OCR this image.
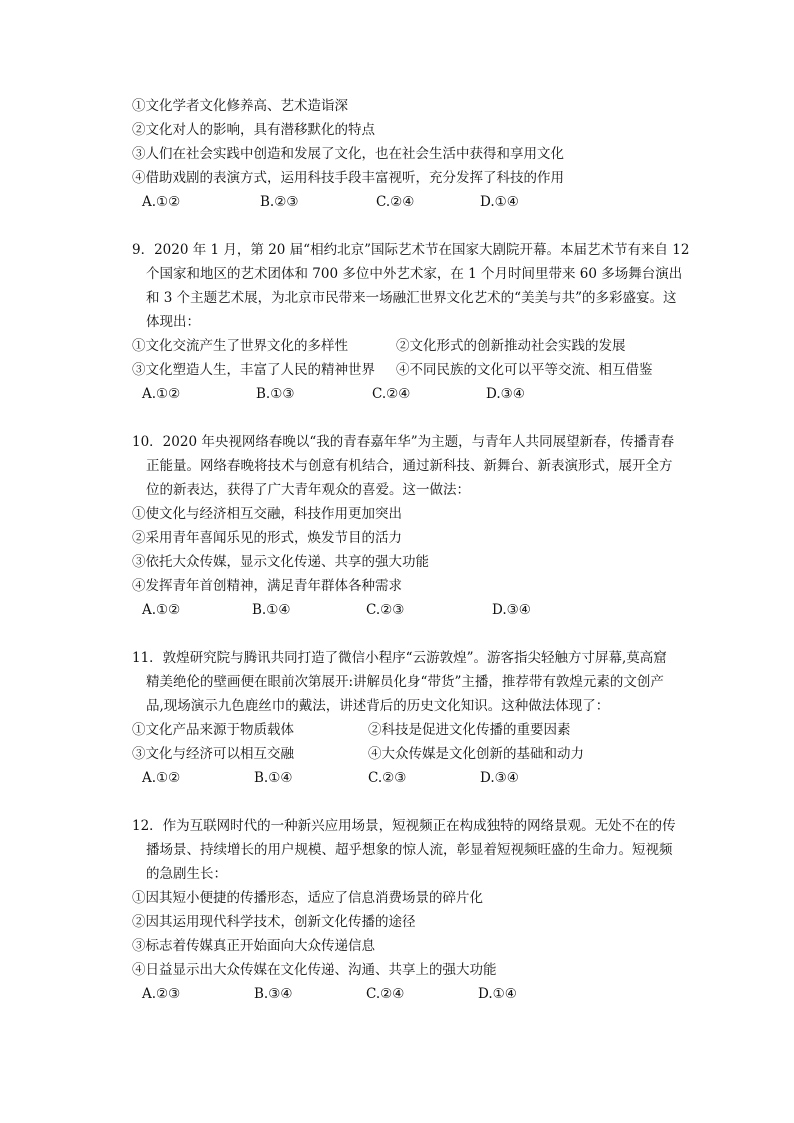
①文化学者文化修养高、艺术造诣深
②文化对人的影响，具有潜移默化的特点
③人们在社会实践中创造和发展了文化，也在社会生活中获得和享用文化
④借助戏剧的表演方式，运用科技手段丰富视听，充分发挥了科技的作用
A.①②	B.②③	C.②④	D.①④
9．2020 年 1 月，第 20 届“相约北京”国际艺术节在国家大剧院开幕。本届艺术节有来自 12
个国家和地区的艺术团体和 700 多位中外艺术家，在 1 个月时间里带来 60 多场舞台演出
和 3 个主题艺术展，为北京市民带来一场融汇世界文化艺术的“美美与共”的多彩盛宴。这
体现出：
①文化交流产生了世界文化的多样性	②文化形式的创新推动社会实践的发展
③文化塑造人生，丰富了人民的精神世界 ④不同民族的文化可以平等交流、相互借鉴
A.①②	B.①③	C.②④	D.③④
10．2020 年央视网络春晚以“我的青春嘉年华”为主题，与青年人共同展望新春，传播青春
正能量。网络春晚将技术与创意有机结合，通过新科技、新舞台、新表演形式，展开全方
位的新表达，获得了广大青年观众的喜爱。这一做法：
①使文化与经济相互交融，科技作用更加突出
②采用青年喜闻乐见的形式，焕发节目的活力
③依托大众传媒，显示文化传递、共享的强大功能
④发挥青年首创精神，满足青年群体各种需求
A.①②	B.①④	C.②③	D.③④
11．敦煌研究院与腾讯共同打造了微信小程序“云游敦煌”。游客指尖轻触方寸屏幕,莫高窟
精美绝伦的壁画便在眼前次第展开:讲解员化身“带货”主播，推荐带有敦煌元素的文创产
品,现场演示九色鹿丝巾的戴法，讲述背后的历史文化知识。这种做法体现了：
①文化产品来源于物质载体	②科技是促进文化传播的重要因素
③文化与经济可以相互交融	④大众传媒是文化创新的基础和动力
A.①②	B.①④	C.②③	D.③④
12．作为互联网时代的一种新兴应用场景，短视频正在构成独特的网络景观。无处不在的传
播场景、持续增长的用户规模、超乎想象的惊人流，彰显着短视频旺盛的生命力。短视频
的急剧生长：
①因其短小便捷的传播形态，适应了信息消费场景的碎片化
②因其运用现代科学技术，创新文化传播的途径
③标志着传媒真正开始面向大众传递信息
④日益显示出大众传媒在文化传递、沟通、共享上的强大功能
A.②③	B.③④	C.②④	D.①④
